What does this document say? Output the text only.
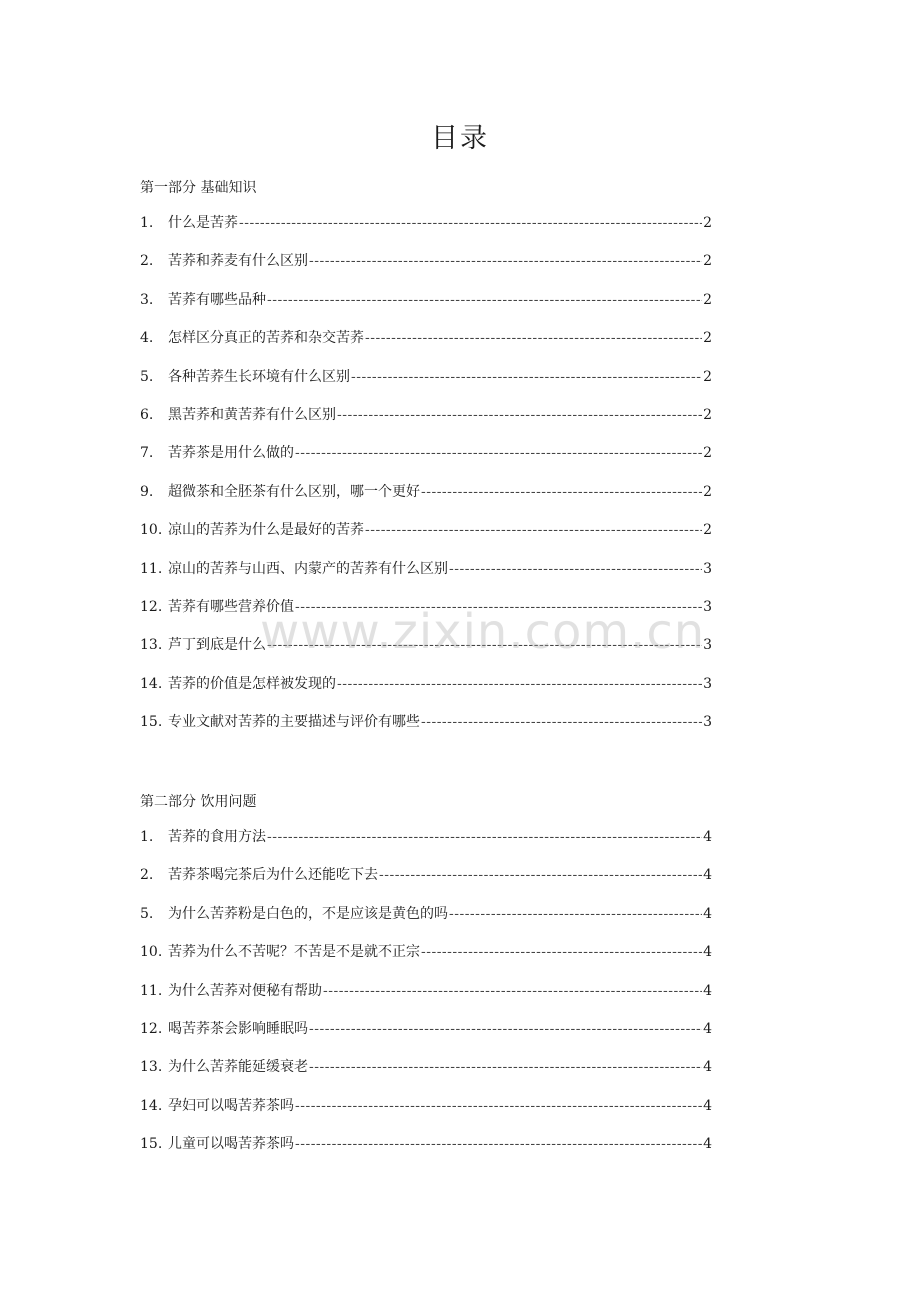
目录
第一部分 基础知识
1.	什么是苦荞 -----	2
2.	苦荞和荞麦有什么区别 -----	2
3.	苦荞有哪些品种 -----	2
4.	怎样区分真正的苦荞和杂交苦荞 -----	2
5.	各种苦荞生长环境有什么区别 -----	2
6.	黑苦荞和黄苦荞有什么区别 -----	2
7.	苦荞茶是用什么做的 -----	2
9.	超微茶和全胚茶有什么区别，哪一个更好 -----	2
10. 凉山的苦荞为什么是最好的苦荞 -----	2
11. 凉山的苦荞与山西、内蒙产的苦荞有什么区别 -----	3
12. 苦荞有哪些营养价值 -----	3
13. 芦丁到底是什么 -----	3
14. 苦荞的价值是怎样被发现的 -----	3
15. 专业文献对苦荞的主要描述与评价有哪些 -----	3
第二部分 饮用问题
1.	苦荞的食用方法 -----	4
2.	苦荞茶喝完茶后为什么还能吃下去 -----	4
5.	为什么苦荞粉是白色的，不是应该是黄色的吗 -----	4
10. 苦荞为什么不苦呢？不苦是不是就不正宗 -----	4
11. 为什么苦荞对便秘有帮助 -----	4
12. 喝苦荞茶会影响睡眠吗 -----	4
13. 为什么苦荞能延缓衰老 -----	4
14. 孕妇可以喝苦荞茶吗 -----	4
15. 儿童可以喝苦荞茶吗 -----	4
www.zixin.com.cn
